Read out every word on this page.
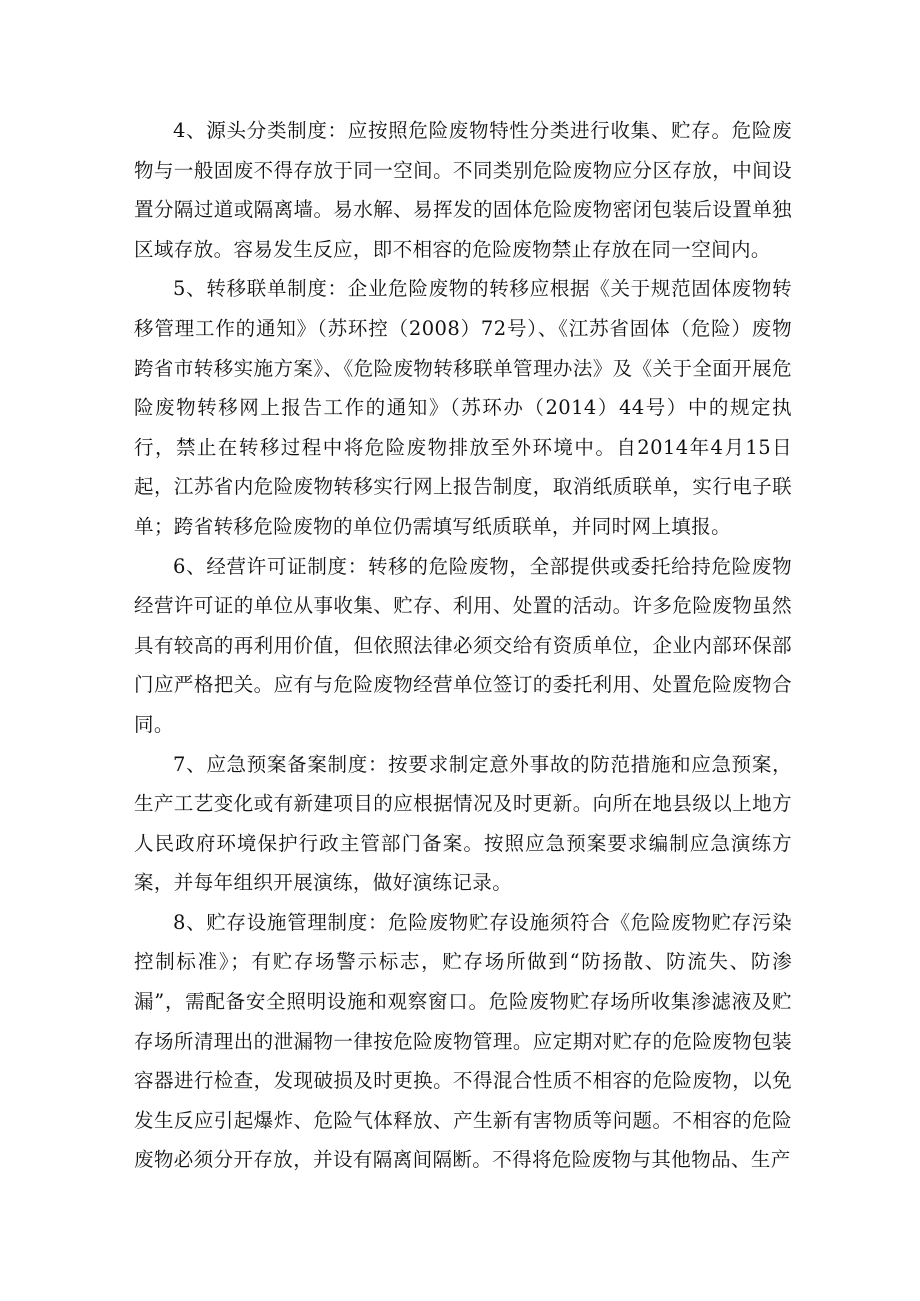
4、源头分类制度：应按照危险废物特性分类进行收集、贮存。危险废物与一般固废不得存放于同一空间。不同类别危险废物应分区存放，中间设置分隔过道或隔离墙。易水解、易挥发的固体危险废物密闭包装后设置单独区域存放。容易发生反应，即不相容的危险废物禁止存放在同一空间内。

5、转移联单制度：企业危险废物的转移应根据《关于规范固体废物转移管理工作的通知》（苏环控（2008）72号）、《江苏省固体（危险）废物跨省市转移实施方案》、《危险废物转移联单管理办法》及《关于全面开展危险废物转移网上报告工作的通知》（苏环办（2014）44号）中的规定执行，禁止在转移过程中将危险废物排放至外环境中。自2014年4月15日起，江苏省内危险废物转移实行网上报告制度，取消纸质联单，实行电子联单；跨省转移危险废物的单位仍需填写纸质联单，并同时网上填报。

6、经营许可证制度：转移的危险废物，全部提供或委托给持危险废物经营许可证的单位从事收集、贮存、利用、处置的活动。许多危险废物虽然具有较高的再利用价值，但依照法律必须交给有资质单位，企业内部环保部门应严格把关。应有与危险废物经营单位签订的委托利用、处置危险废物合同。

7、应急预案备案制度：按要求制定意外事故的防范措施和应急预案，生产工艺变化或有新建项目的应根据情况及时更新。向所在地县级以上地方人民政府环境保护行政主管部门备案。按照应急预案要求编制应急演练方案，并每年组织开展演练，做好演练记录。

8、贮存设施管理制度：危险废物贮存设施须符合《危险废物贮存污染控制标准》；有贮存场警示标志，贮存场所做到“防扬散、防流失、防渗漏”，需配备安全照明设施和观察窗口。危险废物贮存场所收集渗滤液及贮存场所清理出的泄漏物一律按危险废物管理。应定期对贮存的危险废物包装容器进行检查，发现破损及时更换。不得混合性质不相容的危险废物，以免发生反应引起爆炸、危险气体释放、产生新有害物质等问题。不相容的危险废物必须分开存放，并设有隔离间隔断。不得将危险废物与其他物品、生产
